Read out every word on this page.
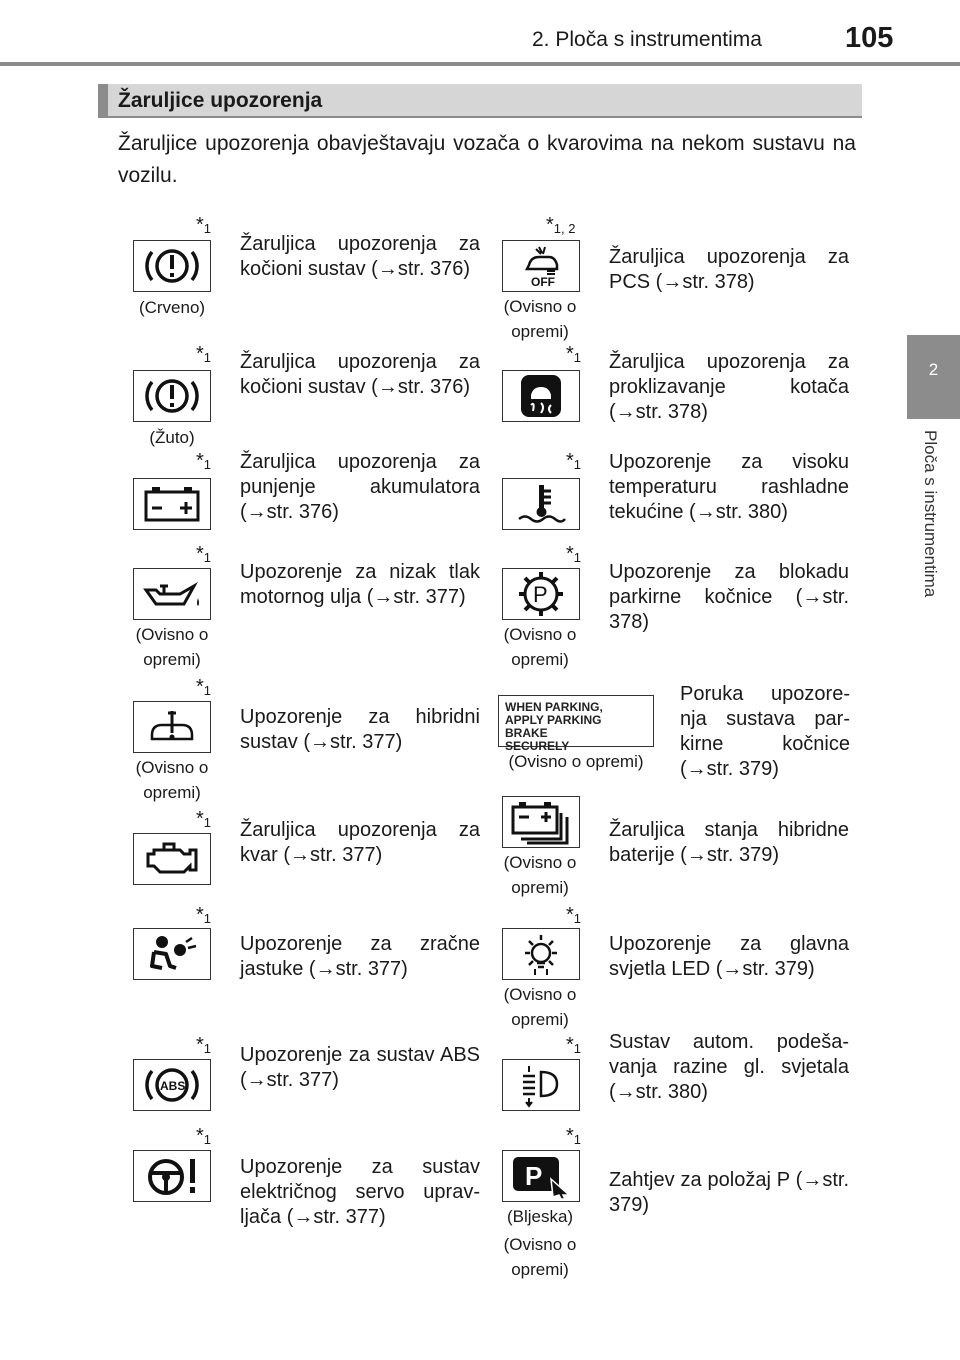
2. Ploča s instrumentima	105
2
Ploča s instrumentima
Žaruljice upozorenja
Žaruljice upozorenja obavještavaju vozača o kvarovima na nekom sustavu na vozilu.
$*_1$
(Crveno)
Žaruljica upozorenja za kočioni sustav (→str. 376)
$*_{1, 2}$
OFF
(Ovisno o opremi)
Žaruljica upozorenja za PCS (→str. 378)
$*_1$
(Žuto)
Žaruljica upozorenja za kočioni sustav (→str. 376)
$*_1$ Žaruljica upozorenja za proklizavanje kotača (→str. 378)
$*_1$ Žaruljica upozorenja za punjenje akumulatora (→str. 376)
$*_1$ Upozorenje za visoku temperaturu rashladne tekućine (→str. 380)
$*_1$
(Ovisno o opremi)
Upozorenje za nizak tlak motornog ulja (→str. 377)
$*_1$
P
(Ovisno o opremi)
Upozorenje za blokadu parkirne kočnice (→str. 378)
$*_1$
(Ovisno o opremi)
Upozorenje za hibridni sustav (→str. 377)
WHEN PARKING,
APPLY PARKING BRAKE
SECURELY
(Ovisno o opremi)
Poruka upozore-nja sustava par-kirne kočnice (→str. 379)
$*_1$ Žaruljica upozorenja za kvar (→str. 377)	(Ovisno o opremi)
Žaruljica stanja hibridne baterije (→str. 379)
$*_1$
Upozorenje za zračne jastuke (→str. 377)
$*_1$
(Ovisno o opremi)
Upozorenje za glavna svjetla LED (→str. 379)
$*_1$
ABS
Upozorenje za sustav ABS (→str. 377)
$*_1$ Sustav autom. podeša-vanja razine gl. svjetala (→str. 380)
$*_1$
Upozorenje za sustav električnog servo uprav-ljača (→str. 377)
$*_1$
P
(Bljeska)
(Ovisno o opremi)
Zahtjev za položaj P (→str. 379)
